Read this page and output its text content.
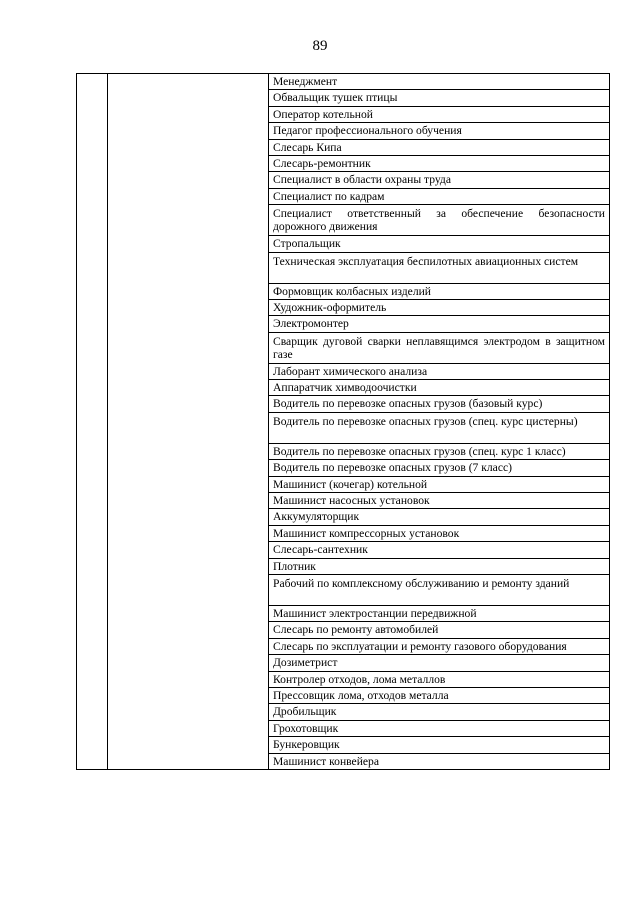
89
		Менеджмент
Обвальщик тушек птицы
Оператор котельной
Педагог профессионального обучения
Слесарь Кипа
Слесарь-ремонтник
Специалист в области охраны труда
Специалист по кадрам
Специалист ответственный за обеспечение безопасности дорожного движения
Стропальщик
Техническая эксплуатация беспилотных авиационных систем
Формовщик колбасных изделий
Художник-оформитель
Электромонтер
Сварщик дуговой сварки неплавящимся электродом в защитном газе
Лаборант химического анализа
Аппаратчик химводоочистки
Водитель по перевозке опасных грузов (базовый курс)
Водитель по перевозке опасных грузов (спец. курс цистерны)
Водитель по перевозке опасных грузов (спец. курс 1 класс)
Водитель по перевозке опасных грузов (7 класс)
Машинист (кочегар) котельной
Машинист насосных установок
Аккумуляторщик
Машинист компрессорных установок
Слесарь-сантехник
Плотник
Рабочий по комплексному обслуживанию и ремонту зданий
Машинист электростанции передвижной
Слесарь по ремонту автомобилей
Слесарь по эксплуатации и ремонту газового оборудования
Дозиметрист
Контролер отходов, лома металлов
Прессовщик лома, отходов металла
Дробильщик
Грохотовщик
Бункеровщик
Машинист конвейера
